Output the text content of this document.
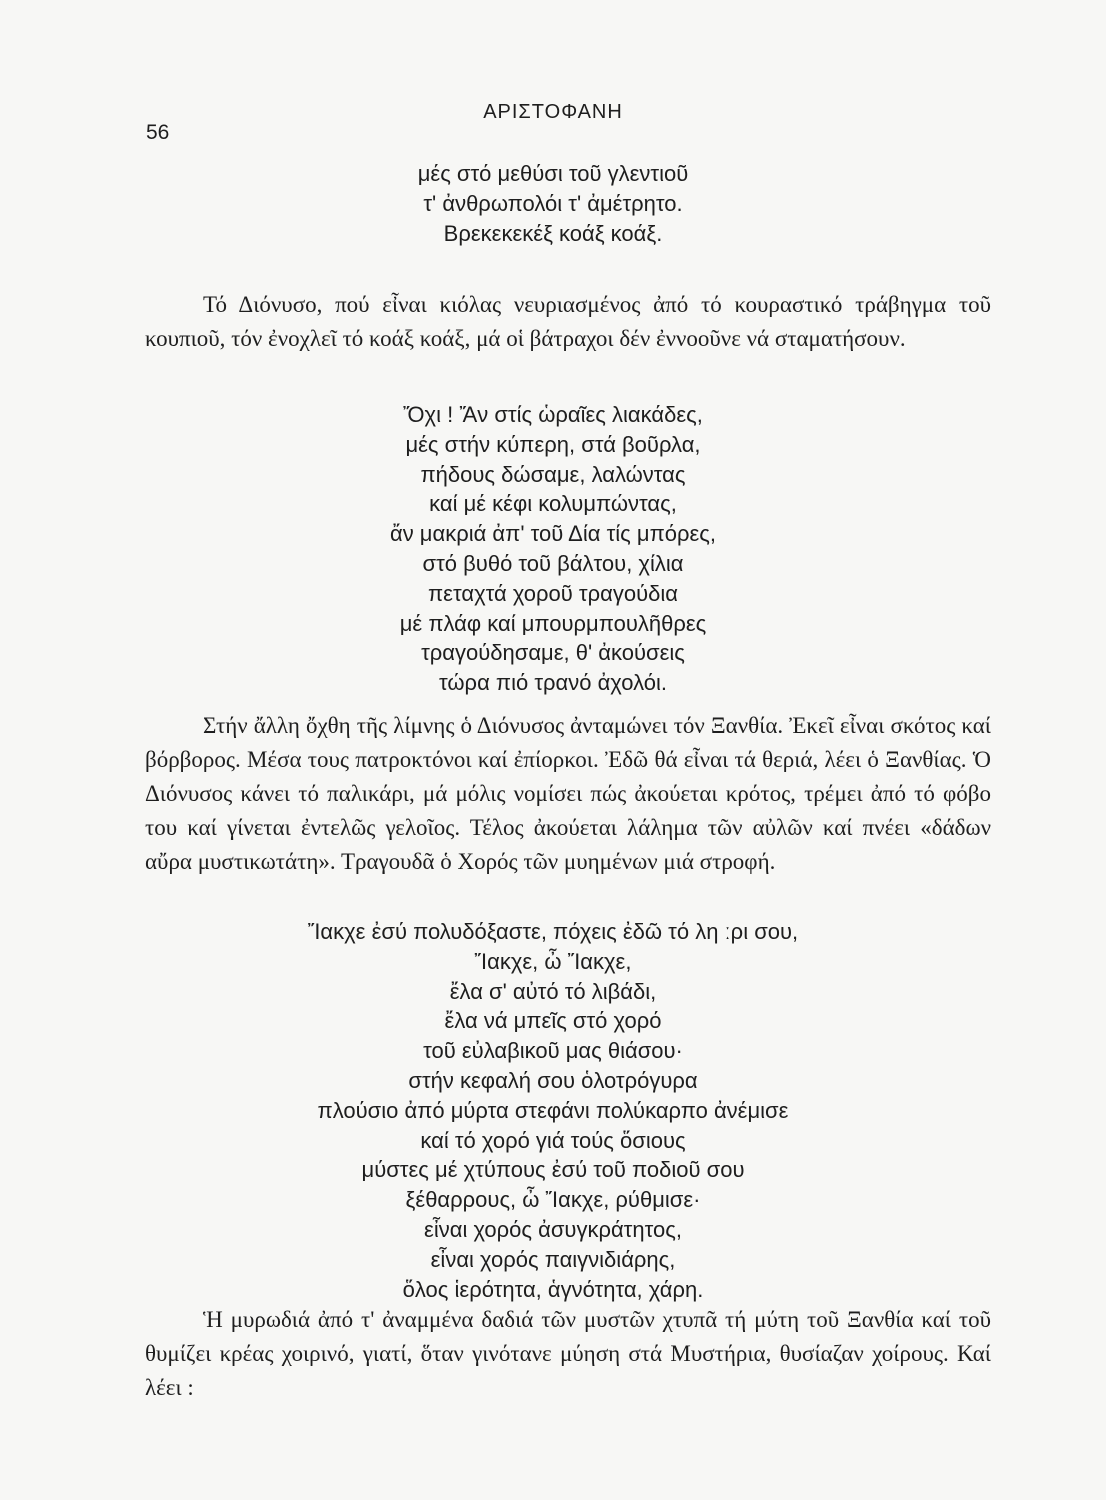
56
ΑΡΙΣΤΟΦΑΝΗ
μές στό μεθύσι τοῦ γλεντιοῦ
τ' ἀνθρωπολόι τ' ἀμέτρητο.
Βρεκεκεκέξ κοάξ κοάξ.

Τό Διόνυσο, πού εἶναι κιόλας νευριασμένος ἀπό τό κουραστικό τράβηγμα τοῦ κουπιοῦ, τόν ἐνοχλεῖ τό κοάξ κοάξ, μά οἱ βάτραχοι δέν ἐννοοῦνε νά σταματήσουν.

Ὄχι ! Ἄν στίς ὡραῖες λιακάδες,
μές στήν κύπερη, στά βοῦρλα,
πήδους δώσαμε, λαλώντας
καί μέ κέφι κολυμπώντας,
ἄν μακριά ἀπ' τοῦ Δία τίς μπόρες,
στό βυθό τοῦ βάλτου, χίλια
πεταχτά χοροῦ τραγούδια
μέ πλάφ καί μπουρμπουλῆθρες
τραγούδησαμε, θ' ἀκούσεις
τώρα πιό τρανό ἀχολόι.

Στήν ἄλλη ὄχθη τῆς λίμνης ὁ Διόνυσος ἀνταμώνει τόν Ξανθία. Ἐκεῖ εἶναι σκότος καί βόρβορος. Μέσα τους πατροκτόνοι καί ἐπίορκοι. Ἐδῶ θά εἶναι τά θεριά, λέει ὁ Ξανθίας. Ὁ Διόνυσος κάνει τό παλικάρι, μά μόλις νομίσει πώς ἀκούεται κρότος, τρέμει ἀπό τό φόβο του καί γίνεται ἐντελῶς γελοῖος. Τέλος ἀκούεται λάλημα τῶν αὐλῶν καί πνέει «δάδων αὔρα μυστικωτάτη». Τραγουδᾶ ὁ Χορός τῶν μυημένων μιά στροφή.

Ἴακχε ἐσύ πολυδόξαστε, πόχεις ἐδῶ τό λη ːρι σου,
Ἴακχε, ὦ Ἴακχε,
ἔλα σ' αὐτό τό λιβάδι,
ἔλα νά μπεῖς στό χορό
τοῦ εὐλαβικοῦ μας θιάσου·
στήν κεφαλή σου ὁλοτρόγυρα
πλούσιο ἀπό μύρτα στεφάνι πολύκαρπο ἀνέμισε
καί τό χορό γιά τούς ὅσιους
μύστες μέ χτύπους ἐσύ τοῦ ποδιοῦ σου
ξέθαρρους, ὦ Ἴακχε, ρύθμισε·
εἶναι χορός ἀσυγκράτητος,
εἶναι χορός παιγνιδιάρης,
ὅλος ἱερότητα, ἁγνότητα, χάρη.

Ἡ μυρωδιά ἀπό τ' ἀναμμένα δαδιά τῶν μυστῶν χτυπᾶ τή μύτη τοῦ Ξανθία καί τοῦ θυμίζει κρέας χοιρινό, γιατί, ὅταν γινότανε μύηση στά Μυστήρια, θυσίαζαν χοίρους. Καί λέει :
